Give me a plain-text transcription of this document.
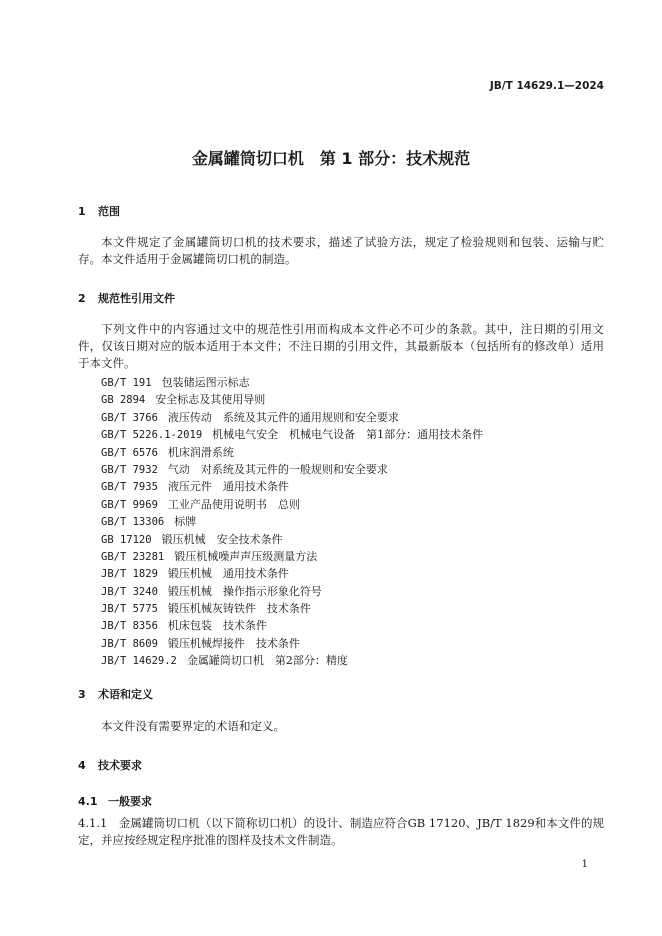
JB/T 14629.1—2024
金属罐筒切口机　第 1 部分：技术规范
1 范围
本文件规定了金属罐筒切口机的技术要求，描述了试验方法，规定了检验规则和包装、运输与贮存。 本文件适用于金属罐筒切口机的制造。
2 规范性引用文件
下列文件中的内容通过文中的规范性引用而构成本文件必不可少的条款。其中，注日期的引用文件，仅该日期对应的版本适用于本文件；不注日期的引用文件，其最新版本（包括所有的修改单）适用于本文件。
GB/T 191 包装储运图示标志
GB 2894 安全标志及其使用导则
GB/T 3766 液压传动　系统及其元件的通用规则和安全要求
GB/T 5226.1-2019 机械电气安全　机械电气设备　第1部分：通用技术条件
GB/T 6576 机床润滑系统
GB/T 7932 气动　对系统及其元件的一般规则和安全要求
GB/T 7935 液压元件　通用技术条件
GB/T 9969 工业产品使用说明书　总则
GB/T 13306 标牌
GB 17120 锻压机械　安全技术条件
GB/T 23281 锻压机械噪声声压级测量方法
JB/T 1829 锻压机械　通用技术条件
JB/T 3240 锻压机械　操作指示形象化符号
JB/T 5775 锻压机械灰铸铁件　技术条件
JB/T 8356 机床包装　技术条件
JB/T 8609 锻压机械焊接件　技术条件
JB/T 14629.2 金属罐筒切口机　第2部分：精度
3 术语和定义
本文件没有需要界定的术语和定义。
4 技术要求
4.1 一般要求
4.1.1　金属罐筒切口机（以下简称切口机）的设计、制造应符合GB 17120、JB/T 1829和本文件的规定，并应按经规定程序批准的图样及技术文件制造。
1
